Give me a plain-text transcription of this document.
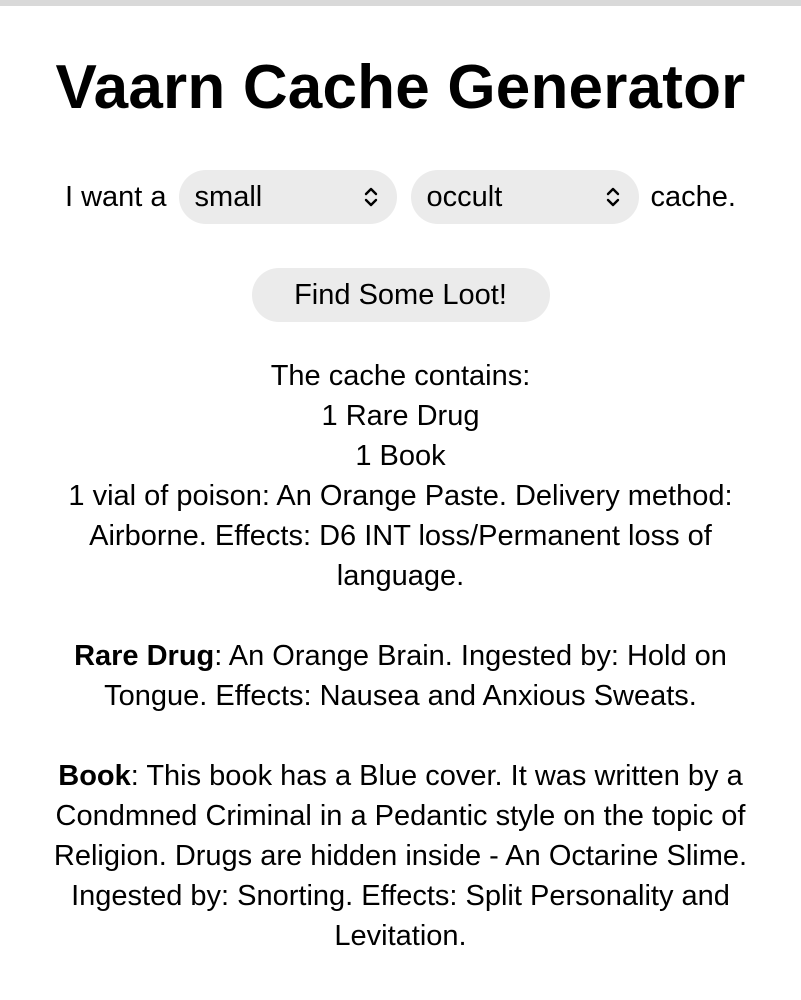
Vaarn Cache Generator
I want a small	occult	cache.
Find Some Loot!

The cache contains:

1 Rare Drug

1 Book

1 vial of poison: An Orange Paste. Delivery method: Airborne. Effects: D6 INT loss/Permanent loss of language.

Rare Drug: An Orange Brain. Ingested by: Hold on Tongue. Effects: Nausea and Anxious Sweats.

Book: This book has a Blue cover. It was written by a Condmned Criminal in a Pedantic style on the topic of Religion. Drugs are hidden inside - An Octarine Slime. Ingested by: Snorting. Effects: Split Personality and Levitation.
